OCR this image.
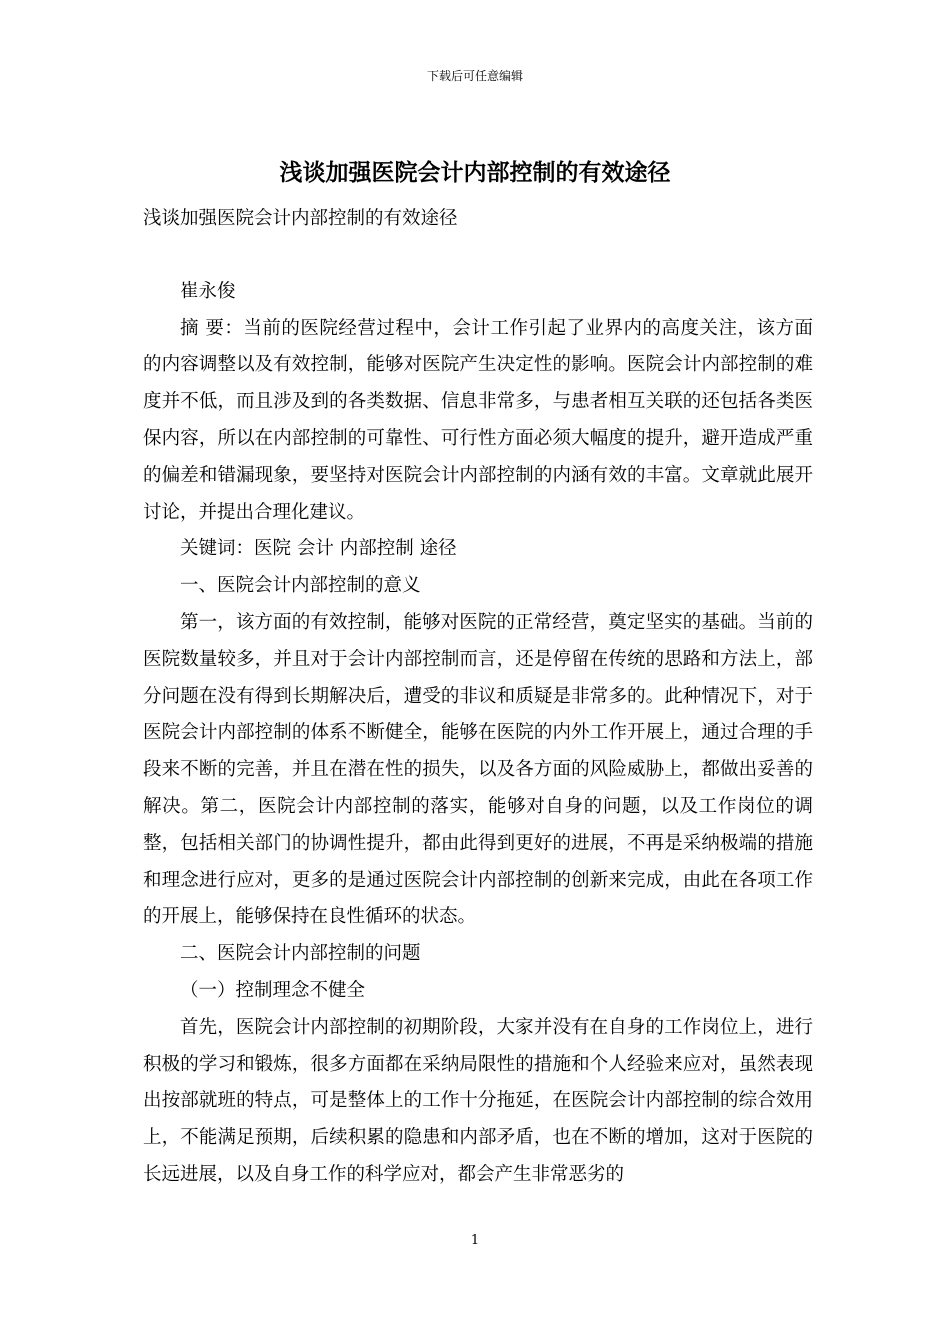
下载后可任意编辑
浅谈加强医院会计内部控制的有效途径

浅谈加强医院会计内部控制的有效途径

崔永俊

摘 要：当前的医院经营过程中，会计工作引起了业界内的高度关注，该方面的内容调整以及有效控制，能够对医院产生决定性的影响。医院会计内部控制的难度并不低，而且涉及到的各类数据、信息非常多，与患者相互关联的还包括各类医保内容，所以在内部控制的可靠性、可行性方面必须大幅度的提升，避开造成严重的偏差和错漏现象，要坚持对医院会计内部控制的内涵有效的丰富。文章就此展开讨论，并提出合理化建议。

关键词：医院 会计 内部控制 途径

一、医院会计内部控制的意义

第一，该方面的有效控制，能够对医院的正常经营，奠定坚实的基础。当前的医院数量较多，并且对于会计内部控制而言，还是停留在传统的思路和方法上，部分问题在没有得到长期解决后，遭受的非议和质疑是非常多的。此种情况下，对于医院会计内部控制的体系不断健全，能够在医院的内外工作开展上，通过合理的手段来不断的完善，并且在潜在性的损失，以及各方面的风险威胁上，都做出妥善的解决。第二，医院会计内部控制的落实，能够对自身的问题，以及工作岗位的调整，包括相关部门的协调性提升，都由此得到更好的进展，不再是采纳极端的措施和理念进行应对，更多的是通过医院会计内部控制的创新来完成，由此在各项工作的开展上，能够保持在良性循环的状态。

二、医院会计内部控制的问题

（一）控制理念不健全

首先，医院会计内部控制的初期阶段，大家并没有在自身的工作岗位上，进行积极的学习和锻炼，很多方面都在采纳局限性的措施和个人经验来应对，虽然表现出按部就班的特点，可是整体上的工作十分拖延，在医院会计内部控制的综合效用上，不能满足预期，后续积累的隐患和内部矛盾，也在不断的增加，这对于医院的长远进展，以及自身工作的科学应对，都会产生非常恶劣的

1
